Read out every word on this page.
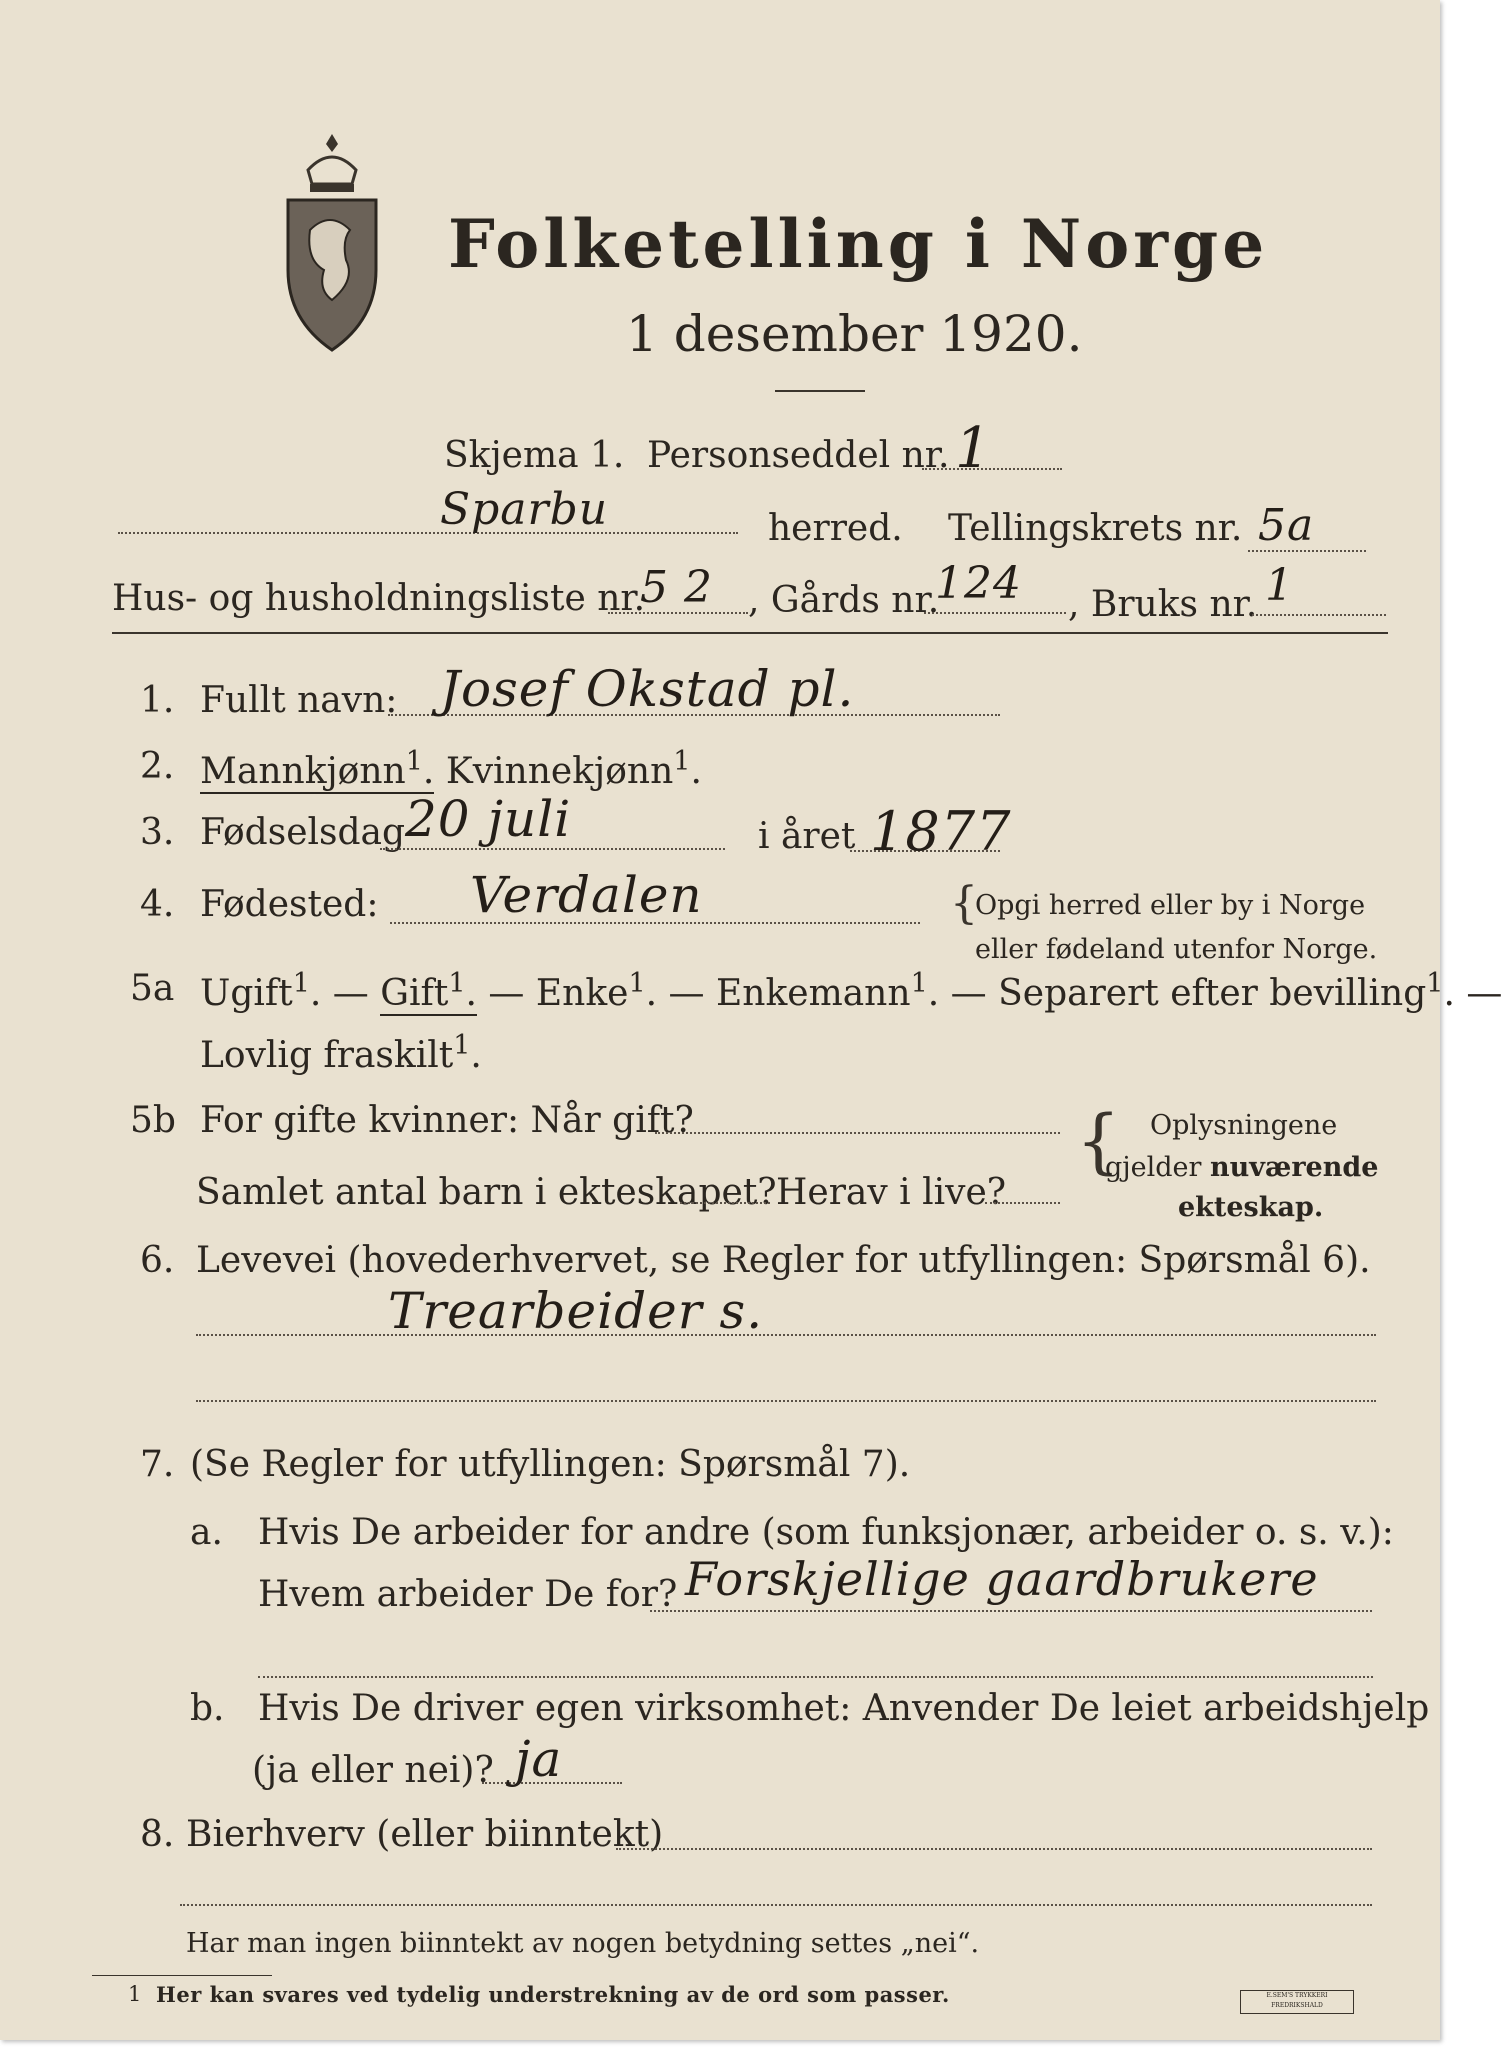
Folketelling i Norge
1 desember 1920.
Skjema 1. Personseddel nr. 1
Sparbu	herred. Tellingskrets nr. 5a
Hus- og husholdningsliste nr.
5 2 , Gårds nr.
124 , Bruks nr. 1
1. Fullt navn: Josef Okstad pl.
2. Mannkjønn$^1$. Kvinnekjønn$^1$.
3. Fødselsdag 20 juli	i året 1877
4. Fødested: Verdalen	{
Opgi herred eller by i Norge
eller fødeland utenfor Norge.
5a Ugift$^1$. — Gift$^1$. — Enke$^1$. — Enkemann$^1$. — Separert efter bevilling$^1$. —
Lovlig fraskilt$^1$.
5b For gifte kvinner: Når gift?
Samlet antal barn i ekteskapet? Herav i live?
{ Oplysningene
gjelder nuværende
ekteskap.
6. Levevei (hovederhvervet, se Regler for utfyllingen: Spørsmål 6).
Trearbeider s.
7. (Se Regler for utfyllingen: Spørsmål 7).
a. Hvis De arbeider for andre (som funksjonær, arbeider o. s. v.):
Hvem arbeider De for? Forskjellige gaardbrukere
b. Hvis De driver egen virksomhet: Anvender De leiet arbeidshjelp
(ja eller nei)? ja
8. Bierhverv (eller biinntekt)
Har man ingen biinntekt av nogen betydning settes „nei“.
1 Her kan svares ved tydelig understrekning av de ord som passer.	E.SEM'S TRYKKERI
FREDRIKSHALD
